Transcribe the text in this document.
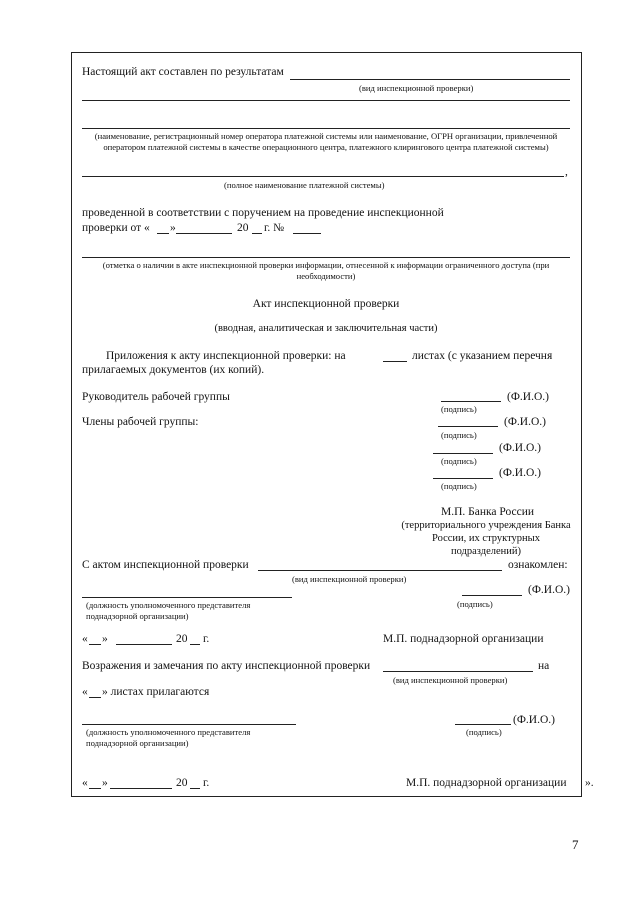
Настоящий акт составлен по результатам
(вид инспекционной проверки)
(наименование, регистрационный номер оператора платежной системы или наименование, ОГРН организации, привлеченной оператором платежной системы в качестве операционного центра, платежного клирингового центра платежной системы)
,
(полное наименование платежной системы)
проведенной в соответствии с поручением на проведение инспекционной
проверки от « »	20 г. №
(отметка о наличии в акте инспекционной проверки информации, отнесенной к информации ограниченного доступа (при необходимости)
Акт инспекционной проверки
(вводная, аналитическая и заключительная части)
Приложения к акту инспекционной проверки: на	листах (с указанием перечня
прилагаемых документов (их копий).
Руководитель рабочей группы	(Ф.И.О.)
(подпись)
Члены рабочей группы:	(Ф.И.О.)
(подпись)
(Ф.И.О.)
(подпись)
(Ф.И.О.)
(подпись)
М.П. Банка России
(территориального учреждения Банка России, их структурных подразделений)
С актом инспекционной проверки	ознакомлен:
(вид инспекционной проверки)
(Ф.И.О.)
(подпись)
(должность уполномоченного представителя поднадзорной организации)
« »	20 г.	М.П. поднадзорной организации
Возражения и замечания по акту инспекционной проверки	на
(вид инспекционной проверки)
« » листах прилагаются
(Ф.И.О.)
(подпись)
(должность уполномоченного представителя поднадзорной организации)
« »	20 г.	М.П. поднадзорной организации ».
7
